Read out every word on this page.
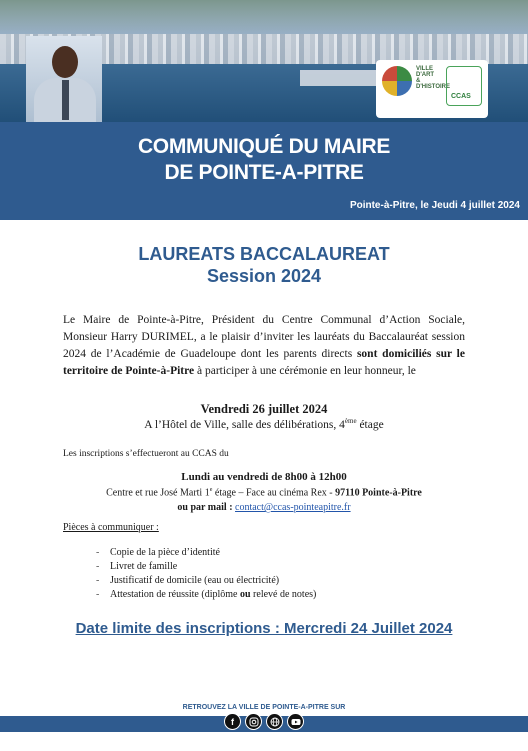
VILLE D'ART & D'HISTOIRE
CCAS
COMMUNIQUÉ DU MAIRE
DE POINTE-A-PITRE
Pointe-à-Pitre, le Jeudi 4 juillet 2024
LAUREATS BACCALAUREAT
Session 2024

Le Maire de Pointe-à-Pitre, Président du Centre Communal d’Action Sociale, Monsieur Harry DURIMEL, a le plaisir d’inviter les lauréats du Baccalauréat session 2024 de l’Académie de Guadeloupe dont les parents directs sont domiciliés sur le territoire de Pointe-à-Pitre à participer à une cérémonie en leur honneur, le

Vendredi 26 juillet 2024
A l’Hôtel de Ville, salle des délibérations, 4ème étage
Les inscriptions s’effectueront au CCAS du
Lundi au vendredi de 8h00 à 12h00
Centre et rue José Marti 1e étage – Face au cinéma Rex - 97110 Pointe-à-Pitre
ou par mail : contact@ccas-pointeapitre.fr
Pièces à communiquer :
- Copie de la pièce d’identité
- Livret de famille
- Justificatif de domicile (eau ou électricité)
- Attestation de réussite (diplôme ou relevé de notes)
Date limite des inscriptions : Mercredi 24 Juillet 2024
RETROUVEZ LA VILLE DE POINTE-A-PITRE SUR
f
